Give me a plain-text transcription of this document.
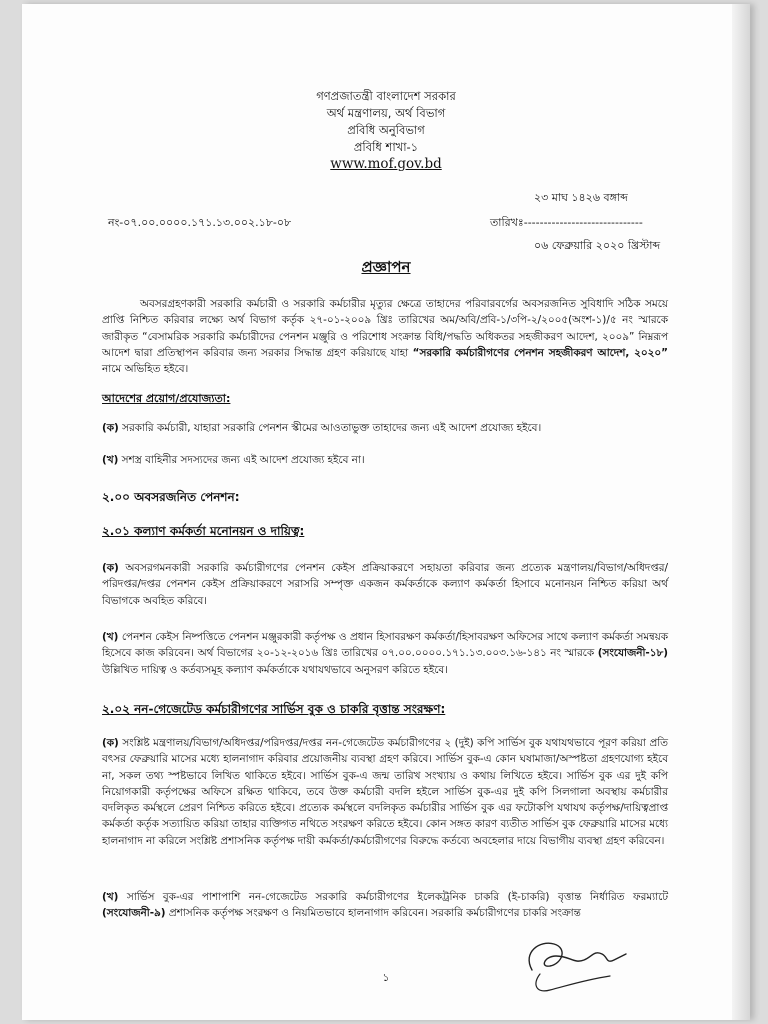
গণপ্রজাতন্ত্রী বাংলাদেশ সরকার
অর্থ মন্ত্রণালয়, অর্থ বিভাগ
প্রবিধি অনুবিভাগ
প্রবিধি শাখা-১
www.mof.gov.bd
২৩ মাঘ ১৪২৬ বঙ্গাব্দ
নং-০৭.০০.০০০০.১৭১.১৩.০০২.১৮-০৮	তারিখঃ------------------------------
০৬ ফেব্রুয়ারি ২০২০ খ্রিস্টাব্দ
প্রজ্ঞাপন
অবসরগ্রহণকারী সরকারি কর্মচারী ও সরকারি কর্মচারীর মৃত্যুর ক্ষেত্রে তাহাদের পরিবারবর্গের অবসরজনিত সুবিধাদি সঠিক সময়ে প্রাপ্তি নিশ্চিত করিবার লক্ষ্যে অর্থ বিভাগ কর্তৃক ২৭-০১-২০০৯ খ্রিঃ তারিখের অম/অবি/প্রবি-১/৩পি-২/২০০৫(অংশ-১)/৫ নং স্মারকে জারীকৃত “বেসামরিক সরকারি কর্মচারীদের পেনশন মঞ্জুরি ও পরিশোধ সংক্রান্ত বিধি/পদ্ধতি অধিকতর সহজীকরণ আদেশ, ২০০৯” নিম্নরূপ আদেশ দ্বারা প্রতিস্থাপন করিবার জন্য সরকার সিদ্ধান্ত গ্রহণ করিয়াছে যাহা “সরকারি কর্মচারীগণের পেনশন সহজীকরণ আদেশ, ২০২০” নামে অভিহিত হইবে।
আদেশের প্রয়োগ/প্রযোজ্যতা:
(ক) সরকারি কর্মচারী, যাহারা সরকারি পেনশন স্কীমের আওতাভুক্ত তাহাদের জন্য এই আদেশ প্রযোজ্য হইবে।
(খ) সশস্ত্র বাহিনীর সদস্যদের জন্য এই আদেশ প্রযোজ্য হইবে না।
২.০০ অবসরজনিত পেনশন:
২.০১ কল্যাণ কর্মকর্তা মনোনয়ন ও দায়িত্ব:
(ক) অবসরগমনকারী সরকারি কর্মচারীগণের পেনশন কেইস প্রক্রিয়াকরণে সহায়তা করিবার জন্য প্রত্যেক মন্ত্রণালয়/বিভাগ/অধিদপ্তর/পরিদপ্তর/দপ্তর পেনশন কেইস প্রক্রিয়াকরণে সরাসরি সম্পৃক্ত একজন কর্মকর্তাকে কল্যাণ কর্মকর্তা হিসাবে মনোনয়ন নিশ্চিত করিয়া অর্থ বিভাগকে অবহিত করিবে।
(খ) পেনশন কেইস নিষ্পত্তিতে পেনশন মঞ্জুরকারী কর্তৃপক্ষ ও প্রধান হিসাবরক্ষণ কর্মকর্তা/হিসাবরক্ষণ অফিসের সাথে কল্যাণ কর্মকর্তা সমন্বয়ক হিসেবে কাজ করিবেন। অর্থ বিভাগের ২০-১২-২০১৬ খ্রিঃ তারিখের ০৭.০০.০০০০.১৭১.১৩.০০৩.১৬-১৪১ নং স্মারকে (সংযোজনী-১৮) উল্লিখিত দায়িত্ব ও কর্তব্যসমূহ কল্যাণ কর্মকর্তাকে যথাযথভাবে অনুসরণ করিতে হইবে।
২.০২ নন-গেজেটেড কর্মচারীগণের সার্ভিস বুক ও চাকরি বৃত্তান্ত সংরক্ষণ:
(ক) সংশ্লিষ্ট মন্ত্রণালয়/বিভাগ/অধিদপ্তর/পরিদপ্তর/দপ্তর নন-গেজেটেড কর্মচারীগণের ২ (দুই) কপি সার্ভিস বুক যথাযথভাবে পূরণ করিয়া প্রতি বৎসর ফেব্রুয়ারি মাসের মধ্যে হালনাগাদ করিবার প্রয়োজনীয় ব্যবস্থা গ্রহণ করিবে। সার্ভিস বুক-এ কোন ঘষামাজা/অস্পষ্টতা গ্রহণযোগ্য হইবে না, সকল তথ্য স্পষ্টভাবে লিখিত থাকিতে হইবে। সার্ভিস বুক-এ জন্ম তারিখ সংখ্যায় ও কথায় লিখিতে হইবে। সার্ভিস বুক এর দুই কপি নিয়োগকারী কর্তৃপক্ষের অফিসে রক্ষিত থাকিবে, তবে উক্ত কর্মচারী বদলি হইলে সার্ভিস বুক-এর দুই কপি সিলগালা অবস্থায় কর্মচারীর বদলিকৃত কর্মস্থলে প্রেরণ নিশ্চিত করিতে হইবে। প্রত্যেক কর্মস্থলে বদলিকৃত কর্মচারীর সার্ভিস বুক এর ফটোকপি যথাযথ কর্তৃপক্ষ/দায়িত্বপ্রাপ্ত কর্মকর্তা কর্তৃক সত্যায়িত করিয়া তাহার ব্যক্তিগত নথিতে সংরক্ষণ করিতে হইবে। কোন সঙ্গত কারণ ব্যতীত সার্ভিস বুক ফেব্রুয়ারি মাসের মধ্যে হালনাগাদ না করিলে সংশ্লিষ্ট প্রশাসনিক কর্তৃপক্ষ দায়ী কর্মকর্তা/কর্মচারীগণের বিরুদ্ধে কর্তব্যে অবহেলার দায়ে বিভাগীয় ব্যবস্থা গ্রহণ করিবেন।
(খ) সার্ভিস বুক-এর পাশাপাশি নন-গেজেটেড সরকারি কর্মচারীগণের ইলেকট্রনিক চাকরি (ই-চাকরি) বৃত্তান্ত নির্ধারিত ফরম্যাটে (সংযোজনী-৯) প্রশাসনিক কর্তৃপক্ষ সংরক্ষণ ও নিয়মিতভাবে হালনাগাদ করিবেন। সরকারি কর্মচারীগণের চাকরি সংক্রান্ত
১
